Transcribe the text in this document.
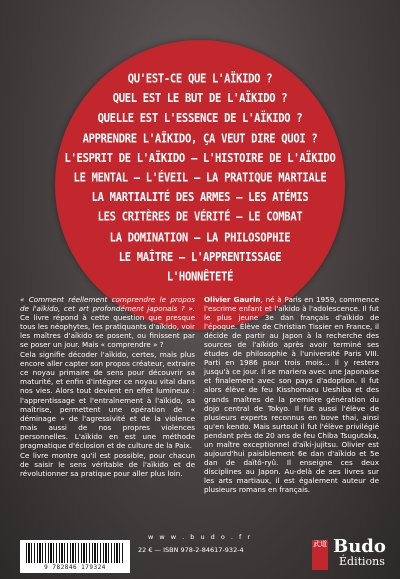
QU'EST-CE QUE L'AÏKIDO ?
QUEL EST LE BUT DE L'AÏKIDO ?
QUELLE EST L'ESSENCE DE L'AÏKIDO ?
APPRENDRE L'AÏKIDO, ÇA VEUT DIRE QUOI ?
L'ESPRIT DE L'AÏKIDO – L'HISTOIRE DE L'AÏKIDO
LE MENTAL – L'ÉVEIL – LA PRATIQUE MARTIALE
LA MARTIALITÉ DES ARMES – LES ATÉMIS
LES CRITÈRES DE VÉRITÉ – LE COMBAT
LA DOMINATION – LA PHILOSOPHIE
LE MAÎTRE – L'APPRENTISSAGE
L'HONNÊTETÉ

« Comment réellement comprendre le propos de l'aïkido, cet art profondément japonais ? ». Ce livre répond à cette question que presque tous les néophytes, les pratiquants d'aïkido, voir les maîtres d'aïkido se posent, ou finissent par se poser un jour. Mais « comprendre » ?

Cela signifie décoder l'aïkido, certes, mais plus encore aller capter son propos créateur, extraire ce noyau primaire de sens pour découvrir sa maturité, et enfin d'intégrer ce noyau vital dans nos vies. Alors tout devient en effet lumineux : l'apprentissage et l'entraînement à l'aïkido, sa maîtrise, permettent une opération de « déminage » de l'agressivité et de la violence mais aussi de nos propres violences personnelles. L'aïkido en est une méthode pragmatique d'éclosion et de culture de la Paix.

Ce livre montre qu'il est possible, pour chacun de saisir le sens véritable de l'aïkido et de révolutionner sa pratique pour aller plus loin.

Olivier Gaurin, né à Paris en 1959, commence l'escrime enfant et l'aïkido à l'adolescence. Il fut le plus jeune 3e dan français d'aïkido de l'époque. Élève de Christian Tissier en France, il décide de partir au Japon à la recherche des sources de l'aïkido après avoir terminé ses études de philosophie à l'université Paris VIII. Parti en 1986 pour trois mois… il y restera jusqu'à ce jour. Il se mariera avec une Japonaise et finalement avec son pays d'adoption. Il fut alors élève de feu Kisshomaru Ueshiba et des grands maîtres de la première génération du dojo central de Tokyo. Il fut aussi l'élève de plusieurs experts reconnus en bove thai, ainsi qu'en kendo. Mais surtout il fut l'élève privilégié pendant près de 20 ans de feu Chiba Tsugutaka, un maître exceptionnel d'aïki-jujitsu. Olivier est aujourd'hui paisiblement 6e dan d'aïkido et 5e dan de daïtô-ryû. Il enseigne ces deux disciplines au Japon. Au-delà de ses livres sur les arts martiaux, il est également auteur de plusieurs romans en français.

w w w . b u d o . f r
9 782846 179324
22 € — ISBN 978-2-84617-932-4
武道 Budo
Éditions
